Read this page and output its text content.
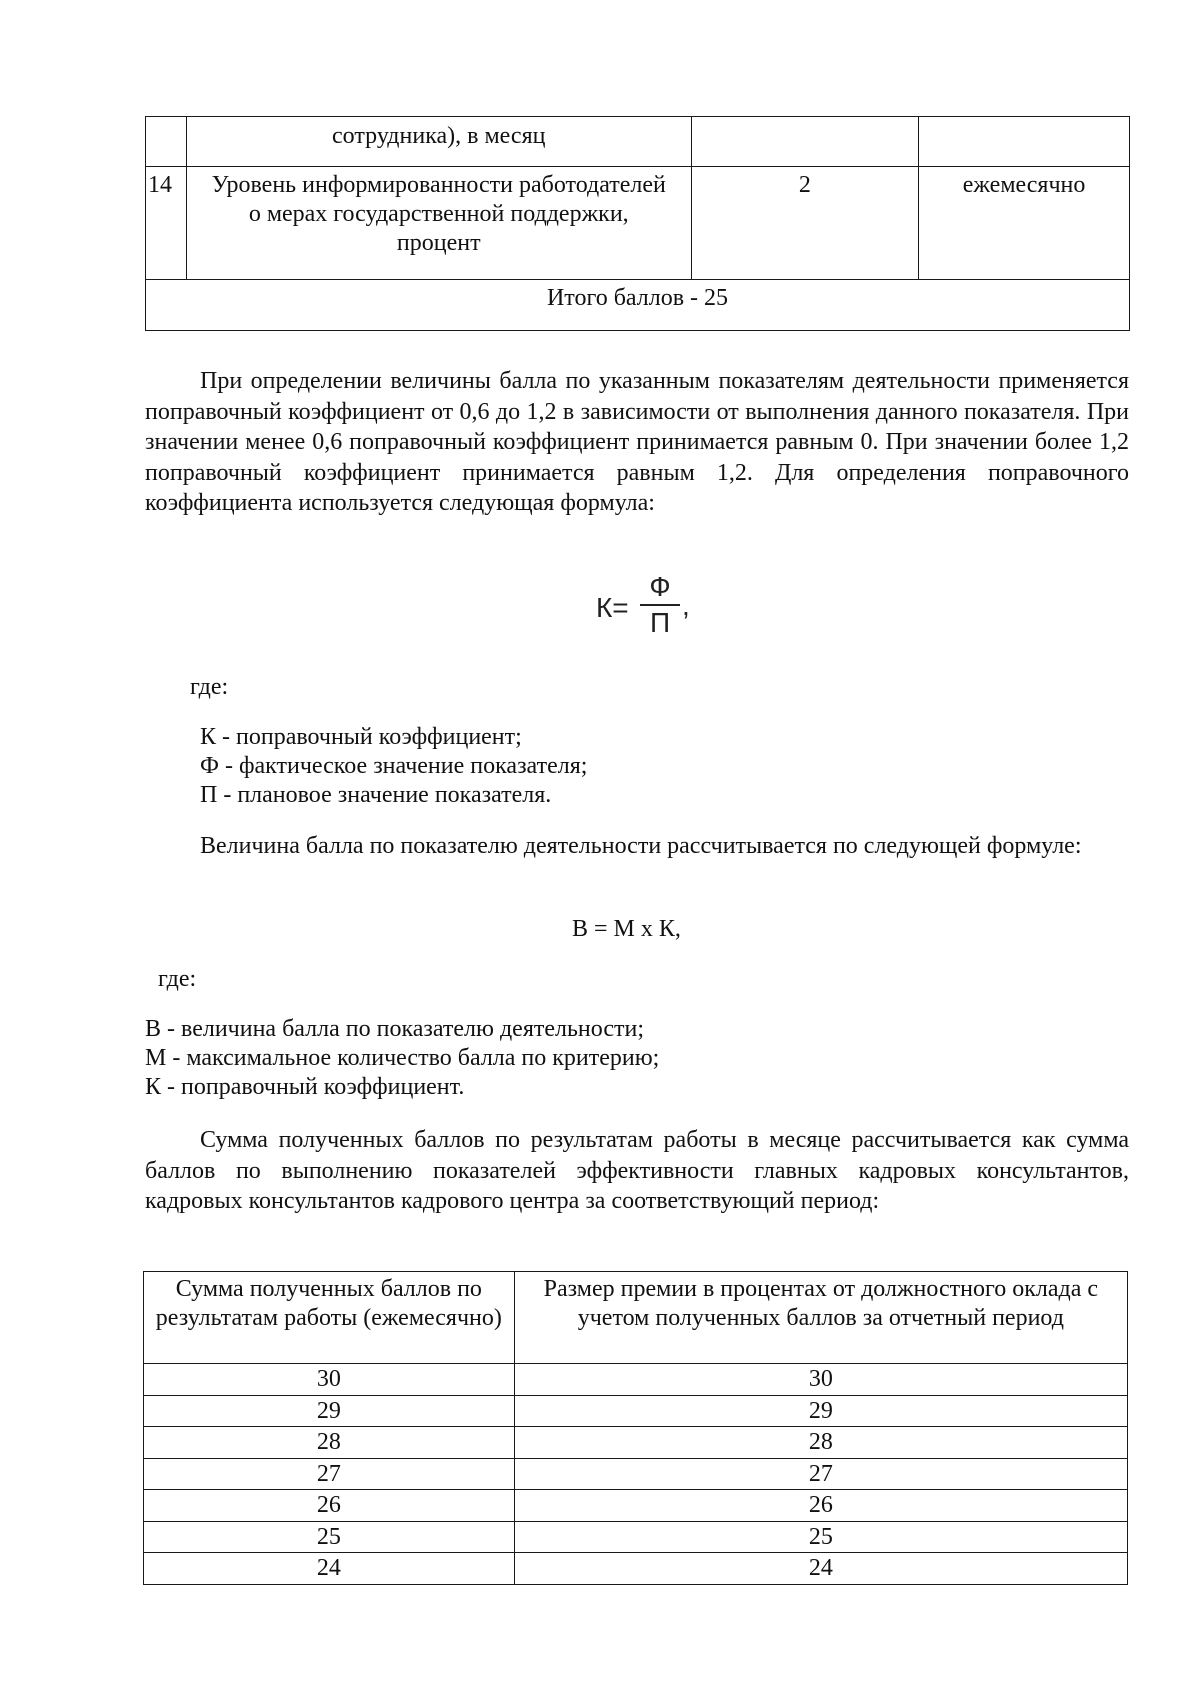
	сотрудника), в месяц		

14	Уровень информированности работодателей о мерах государственной поддержки, процент	2	ежемесячно

Итого баллов - 25			

При определении величины балла по указанным показателям деятельности применяется поправочный коэффициент от 0,6 до 1,2 в зависимости от выполнения данного показателя. При значении менее 0,6 поправочный коэффициент принимается равным 0. При значении более 1,2 поправочный коэффициент принимается равным 1,2. Для определения поправочного коэффициента используется следующая формула:

К=
Ф
П
,

где:

К - поправочный коэффициент;

Ф - фактическое значение показателя;

П - плановое значение показателя.

Величина балла по показателю деятельности рассчитывается по следующей формуле:

В = М х К,

где:

В - величина балла по показателю деятельности;

М - максимальное количество балла по критерию;

К - поправочный коэффициент.

Сумма полученных баллов по результатам работы в месяце рассчитывается как сумма баллов по выполнению показателей эффективности главных кадровых консультантов, кадровых консультантов кадрового центра за соответствующий период:

Сумма полученных баллов по результатам работы (ежемесячно)	Размер премии в процентах от должностного оклада с учетом полученных баллов за отчетный период

30	30
29	29
28	28
27	27
26	26
25	25
24	24
